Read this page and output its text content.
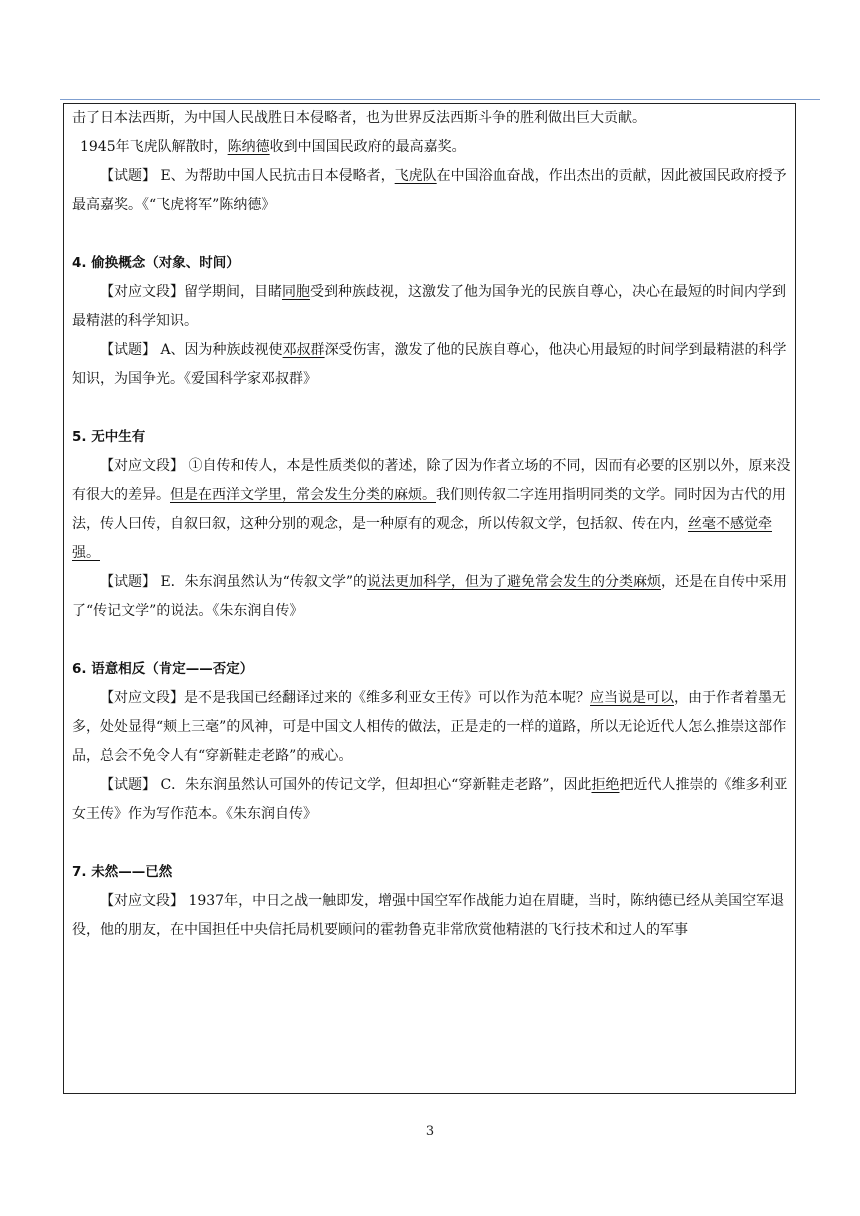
击了日本法西斯，为中国人民战胜日本侵略者，也为世界反法西斯斗争的胜利做出巨大贡献。

1945年飞虎队解散时，陈纳德收到中国国民政府的最高嘉奖。

【试题】 E、为帮助中国人民抗击日本侵略者，飞虎队在中国浴血奋战，作出杰出的贡献，因此被国民政府授予最高嘉奖。《“飞虎将军”陈纳德》

4. 偷换概念（对象、时间）

【对应文段】留学期间，目睹同胞受到种族歧视，这激发了他为国争光的民族自尊心，决心在最短的时间内学到最精湛的科学知识。

【试题】 A、因为种族歧视使邓叔群深受伤害，激发了他的民族自尊心，他决心用最短的时间学到最精湛的科学知识，为国争光。《爱国科学家邓叔群》

5. 无中生有

【对应文段】 ①自传和传人，本是性质类似的著述，除了因为作者立场的不同，因而有必要的区别以外，原来没有很大的差异。但是在西洋文学里，常会发生分类的麻烦。我们则传叙二字连用指明同类的文学。同时因为古代的用法，传人曰传，自叙曰叙，这种分别的观念，是一种原有的观念，所以传叙文学，包括叙、传在内，丝毫不感觉牵强。

【试题】 E．朱东润虽然认为“传叙文学”的说法更加科学，但为了避免常会发生的分类麻烦，还是在自传中采用了“传记文学”的说法。《朱东润自传》

6. 语意相反（肯定——否定）

【对应文段】是不是我国已经翻译过来的《维多利亚女王传》可以作为范本呢？应当说是可以，由于作者着墨无多，处处显得“颊上三毫”的风神，可是中国文人相传的做法，正是走的一样的道路，所以无论近代人怎么推崇这部作品，总会不免令人有“穿新鞋走老路”的戒心。

【试题】 C．朱东润虽然认可国外的传记文学，但却担心“穿新鞋走老路”，因此拒绝把近代人推崇的《维多利亚女王传》作为写作范本。《朱东润自传》

7. 未然——已然

【对应文段】 1937年，中日之战一触即发，增强中国空军作战能力迫在眉睫，当时，陈纳德已经从美国空军退役，他的朋友，在中国担任中央信托局机要顾问的霍勃鲁克非常欣赏他精湛的飞行技术和过人的军事

3
